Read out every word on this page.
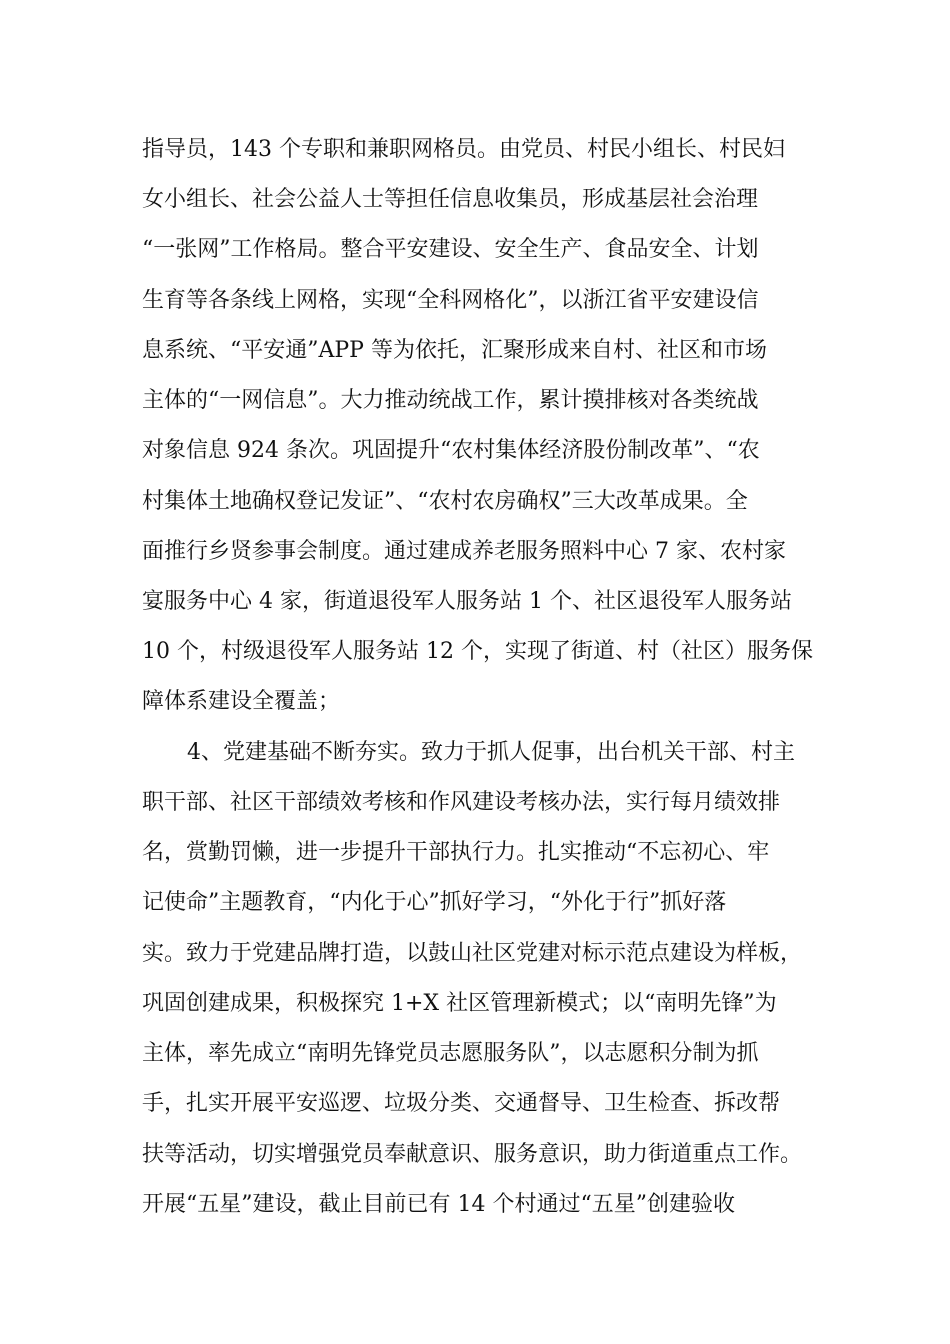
指导员，143 个专职和兼职网格员。由党员、村民小组长、村民妇
女小组长、社会公益人士等担任信息收集员，形成基层社会治理
“一张网”工作格局。整合平安建设、安全生产、食品安全、计划
生育等各条线上网格，实现“全科网格化”，以浙江省平安建设信
息系统、“平安通”APP 等为依托，汇聚形成来自村、社区和市场
主体的“一网信息”。大力推动统战工作，累计摸排核对各类统战
对象信息 924 条次。巩固提升“农村集体经济股份制改革”、“农
村集体土地确权登记发证”、“农村农房确权”三大改革成果。全
面推行乡贤参事会制度。通过建成养老服务照料中心 7 家、农村家
宴服务中心 4 家，街道退役军人服务站 1 个、社区退役军人服务站
10 个，村级退役军人服务站 12 个，实现了街道、村（社区）服务保
障体系建设全覆盖；
4、党建基础不断夯实。致力于抓人促事，出台机关干部、村主
职干部、社区干部绩效考核和作风建设考核办法，实行每月绩效排
名，赏勤罚懒，进一步提升干部执行力。扎实推动“不忘初心、牢
记使命”主题教育，“内化于心”抓好学习，“外化于行”抓好落
实。致力于党建品牌打造，以鼓山社区党建对标示范点建设为样板，
巩固创建成果，积极探究 1+X 社区管理新模式；以“南明先锋”为
主体，率先成立“南明先锋党员志愿服务队”，以志愿积分制为抓
手，扎实开展平安巡逻、垃圾分类、交通督导、卫生检查、拆改帮
扶等活动，切实增强党员奉献意识、服务意识，助力街道重点工作。
开展“五星”建设，截止目前已有 14 个村通过“五星”创建验收
